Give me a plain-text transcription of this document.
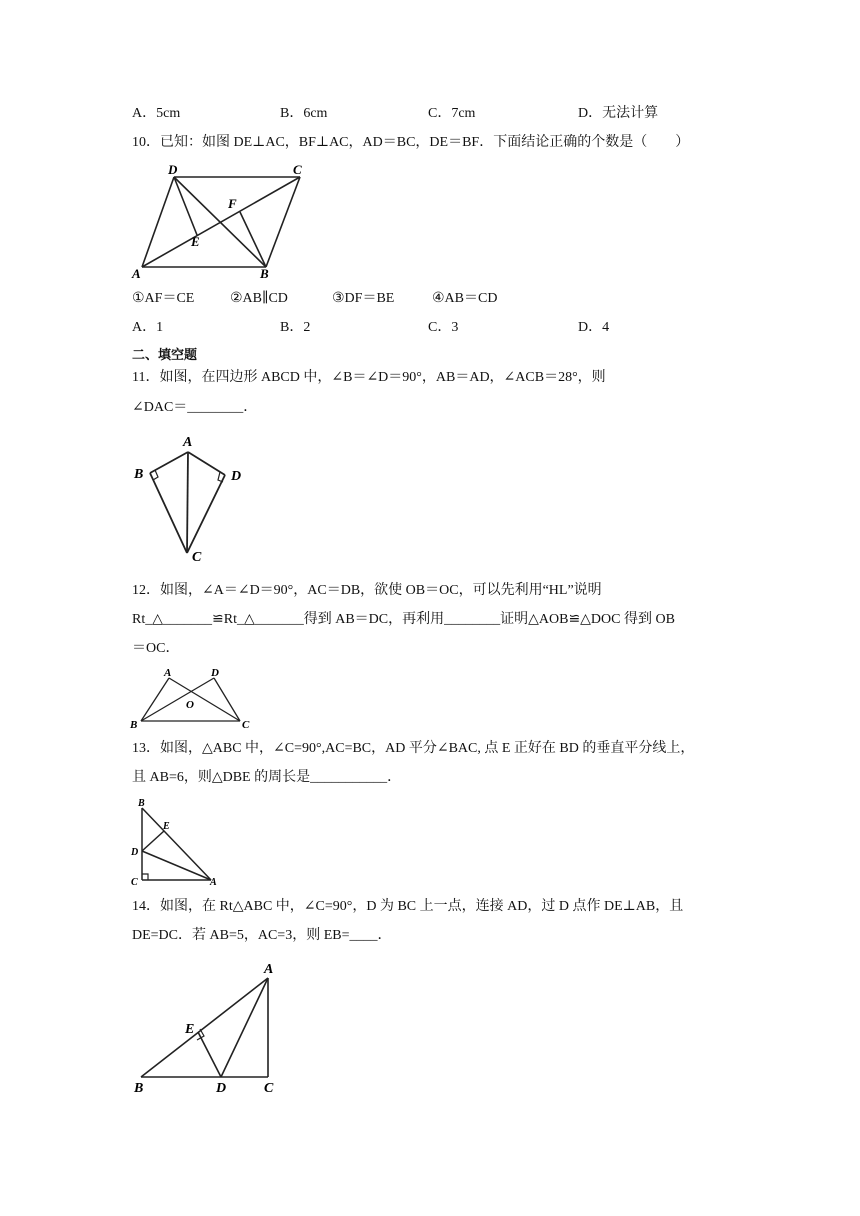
A．5cm	B．6cm	C．7cm	D．无法计算
10．已知：如图 DE⊥AC，BF⊥AC，AD＝BC，DE＝BF．下面结论正确的个数是（　　）
D	C
F
E
A	B
①AF＝CE	②AB∥CD	③DF＝BE	④AB＝CD
A．1	B．2	C．3	D．4
二、填空题
11．如图，在四边形 ABCD 中，∠B＝∠D＝90°，AB＝AD，∠ACB＝28°，则
∠DAC＝________．
A
B	D
C
12．如图，∠A＝∠D＝90°，AC＝DB，欲使 OB＝OC，可以先利用“HL”说明
Rt_△_______≌Rt_△_______得到 AB＝DC，再利用________证明△AOB≌△DOC 得到 OB
＝OC．
A	D
O
B	C
13．如图，△ABC 中，∠C=90°,AC=BC，AD 平分∠BAC, 点 E 正好在 BD 的垂直平分线上，
且 AB=6，则△DBE 的周长是___________．
B
E
D
C	A
14．如图，在 Rt△ABC 中，∠C=90°，D 为 BC 上一点，连接 AD，过 D 点作 DE⊥AB，且
DE=DC．若 AB=5，AC=3，则 EB=____．
A
E
B	D	C
